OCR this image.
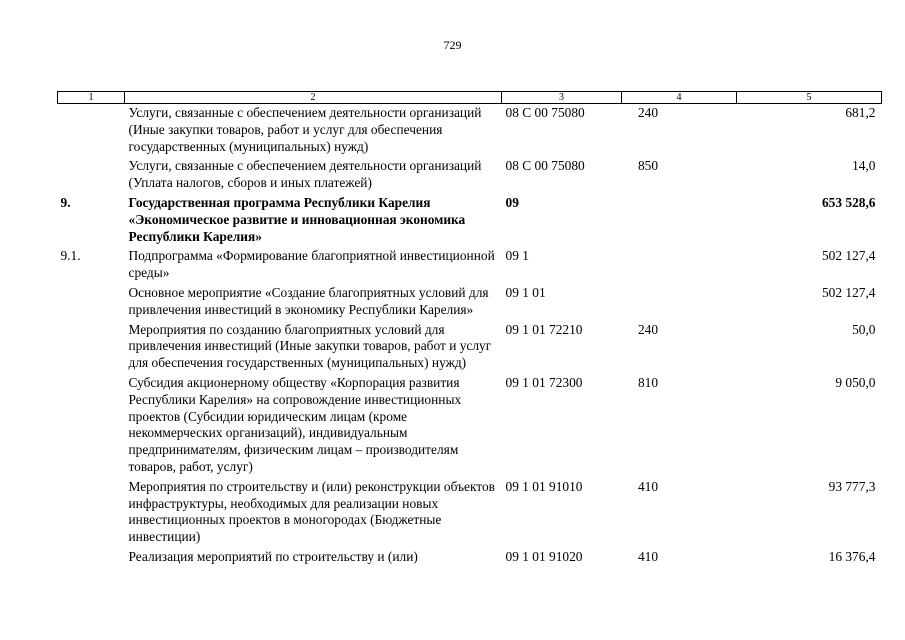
729
1	2	3	4	5
	Услуги, связанные с обеспечением деятельности организаций (Иные закупки товаров, работ и услуг для обеспечения государственных (муниципальных) нужд)	08 С 00 75080	240	681,2
	Услуги, связанные с обеспечением деятельности организаций (Уплата налогов, сборов и иных платежей)	08 С 00 75080	850	14,0
9.	Государственная программа Республики Карелия «Экономическое развитие и инновационная экономика Республики Карелия»	09		653 528,6
9.1.	Подпрограмма «Формирование благоприятной инвестиционной среды»	09 1		502 127,4
	Основное мероприятие «Создание благоприятных условий для привлечения инвестиций в экономику Республики Карелия»	09 1 01		502 127,4
	Мероприятия по созданию благоприятных условий для привлечения инвестиций (Иные закупки товаров, работ и услуг для обеспечения государственных (муниципальных) нужд)	09 1 01 72210	240	50,0
	Субсидия акционерному обществу «Корпорация развития Республики Карелия» на сопровождение инвестиционных проектов (Субсидии юридическим лицам (кроме некоммерческих организаций), индивидуальным предпринимателям, физическим лицам – производителям товаров, работ, услуг)	09 1 01 72300	810	9 050,0
	Мероприятия по строительству и (или) реконструкции объектов инфраструктуры, необходимых для реализации новых инвестиционных проектов в моногородах (Бюджетные инвестиции)	09 1 01 91010	410	93 777,3
	Реализация мероприятий по строительству и (или)	09 1 01 91020	410	16 376,4
